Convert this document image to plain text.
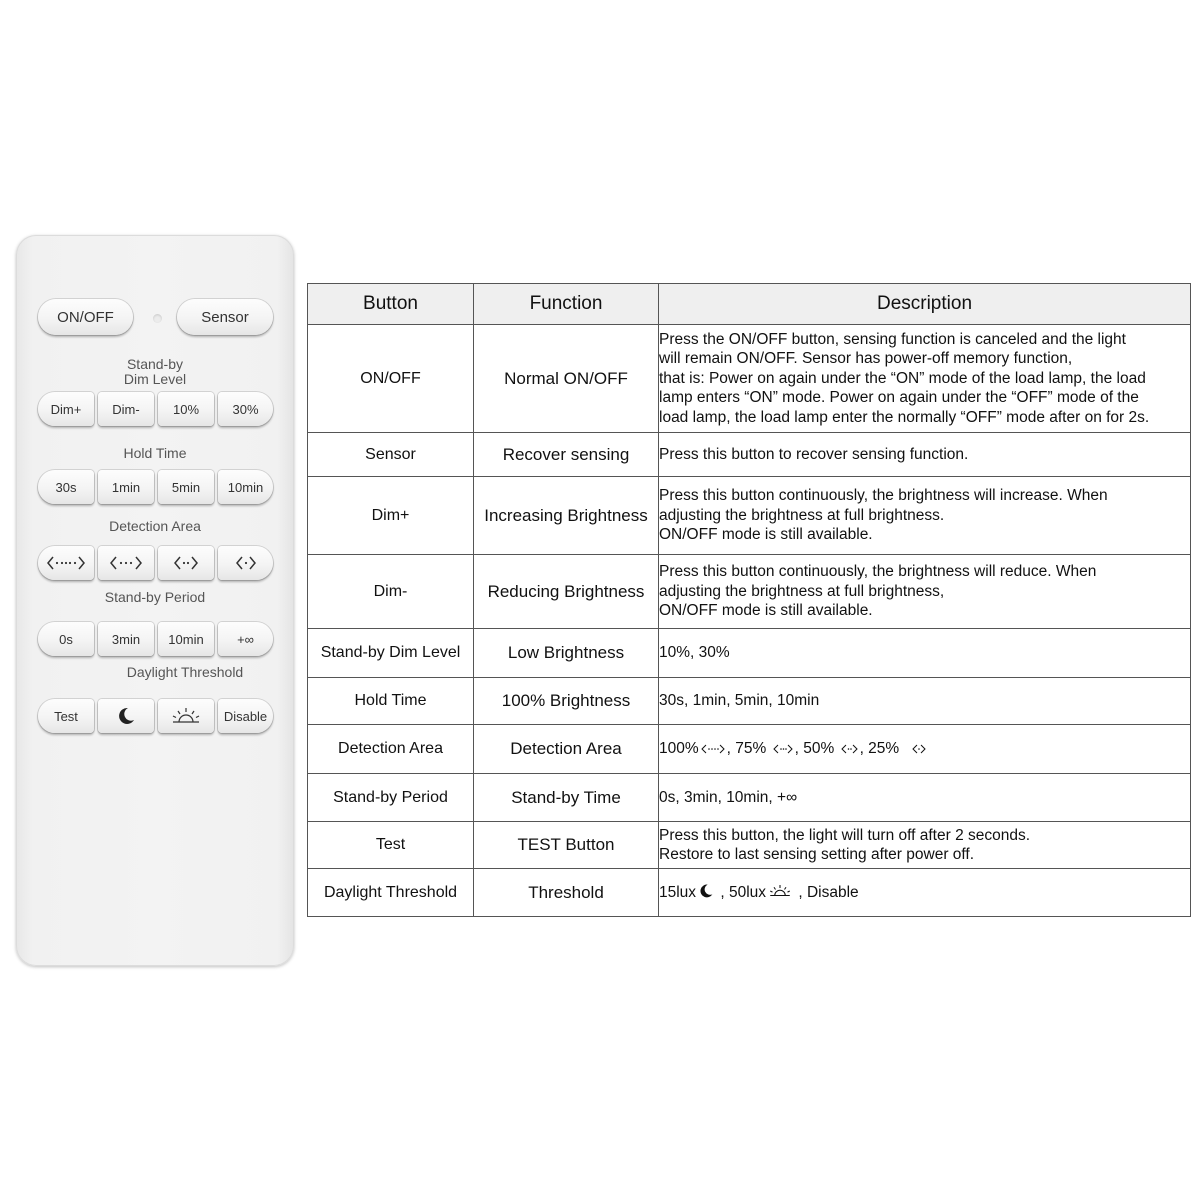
ON/OFF	Sensor
Stand-by
Dim Level
Dim+ Dim-	10%	30%
Hold Time
30s	1min 5min 10min
Detection Area
Stand-by Period
0s	3min 10min	+∞
Daylight Threshold
Test	Disable
Button	Function	Description
ON/OFF	Normal ON/OFF	Press the ON/OFF button, sensing function is canceled and the light
will remain ON/OFF. Sensor has power-off memory function,
that is: Power on again under the “ON” mode of the load lamp, the load
lamp enters “ON” mode. Power on again under the “OFF” mode of the
load lamp, the load lamp enter the normally “OFF” mode after on for 2s.

Sensor	Recover sensing	Press this button to recover sensing function.

Dim+	Increasing Brightness	Press this button continuously, the brightness will increase. When
adjusting the brightness at full brightness.
ON/OFF mode is still available.

Dim-	Reducing Brightness	Press this button continuously, the brightness will reduce. When
adjusting the brightness at full brightness,
ON/OFF mode is still available.

Stand-by Dim Level	Low Brightness	10%, 30%

Hold Time	100% Brightness	30s, 1min, 5min, 10min

Detection Area	Detection Area	100% , 75% , 50% , 25%
Stand-by Period	Stand-by Time	0s, 3min, 10min, +∞

Test	TEST Button	Press this button, the light will turn off after 2 seconds.
Restore to last sensing setting after power off.

Daylight Threshold	Threshold	15lux , 50lux , Disable
